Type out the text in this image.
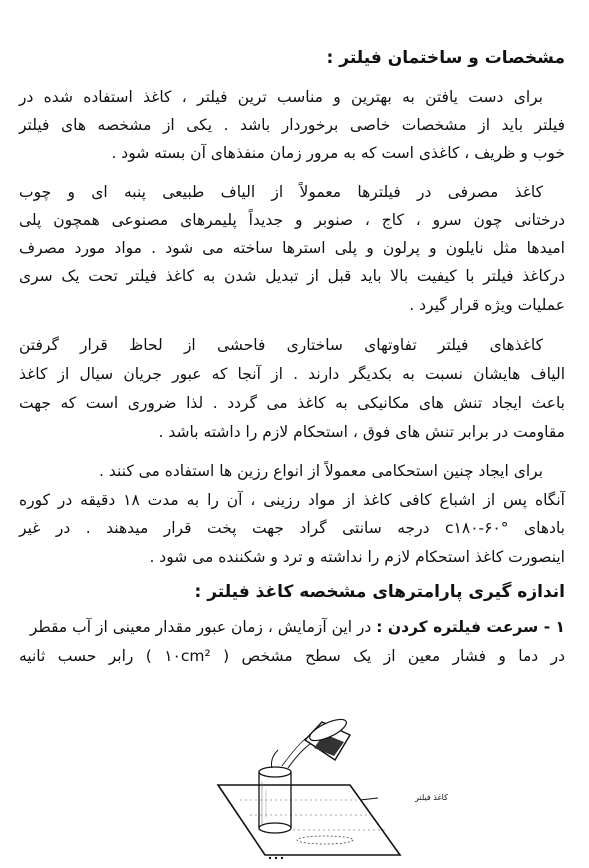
مشخصات و ساختمان فیلتر :
برای دست یافتن به بهترین و مناسب ترین فیلتر ، کاغذ استفاده شده در
فیلتر باید از مشخصات خاصی برخوردار باشد . یکی از مشخصه های فیلتر
خوب و ظریف ، کاغذی است که به مرور زمان منفذهای آن بسته شود .
کاغذ مصرفی در فیلترها معمولاً از الیاف طبیعی پنبه ای و چوب
درختانی چون سرو ، کاج ، صنوبر و جدیداً پلیمرهای مصنوعی همچون پلی
امیدها مثل نایلون و پرلون و پلی استرها ساخته می شود . مواد مورد مصرف
درکاغذ فیلتر با کیفیت بالا باید قبل از تبدیل شدن به کاغذ فیلتر تحت یک سری
عملیات ویژه قرار گیرد .
کاغذهای فیلتر تفاوتهای ساختاری فاحشی از لحاظ قرار گرفتن
الیاف هایشان نسبت به بکدیگر دارند . از آنجا که عبور جریان سیال از کاغذ
باعث ایجاد تنش های مکانیکی به کاغذ می گردد . لذا ضروری است که جهت
مقاومت در برابر تنش های فوق ، استحکام لازم را داشته باشد .
برای ایجاد چنین استحکامی معمولاً از انواع رزین ها استفاده می کنند .
آنگاه پس از اشباع کافی کاغذ از مواد رزینی ، آن را به مدت ۱۸ دقیقه در کوره
بادهای °c۱۸۰-۶۰ درجه سانتی گراد جهت پخت قرار میدهند . در غیر
اینصورت کاغذ استحکام لازم را نداشته و ترد و شکننده می شود .
اندازه گیری پارامترهای مشخصه کاغذ فیلتر :
۱ - سرعت فیلتره کردن : در این آزمایش ، زمان عبور مقدار معینی از آب مقطر
در دما و فشار معین از یک سطح مشخص ( ۱۰cm² ) رابر حسب ثانیه
کاغذ فیلتر
